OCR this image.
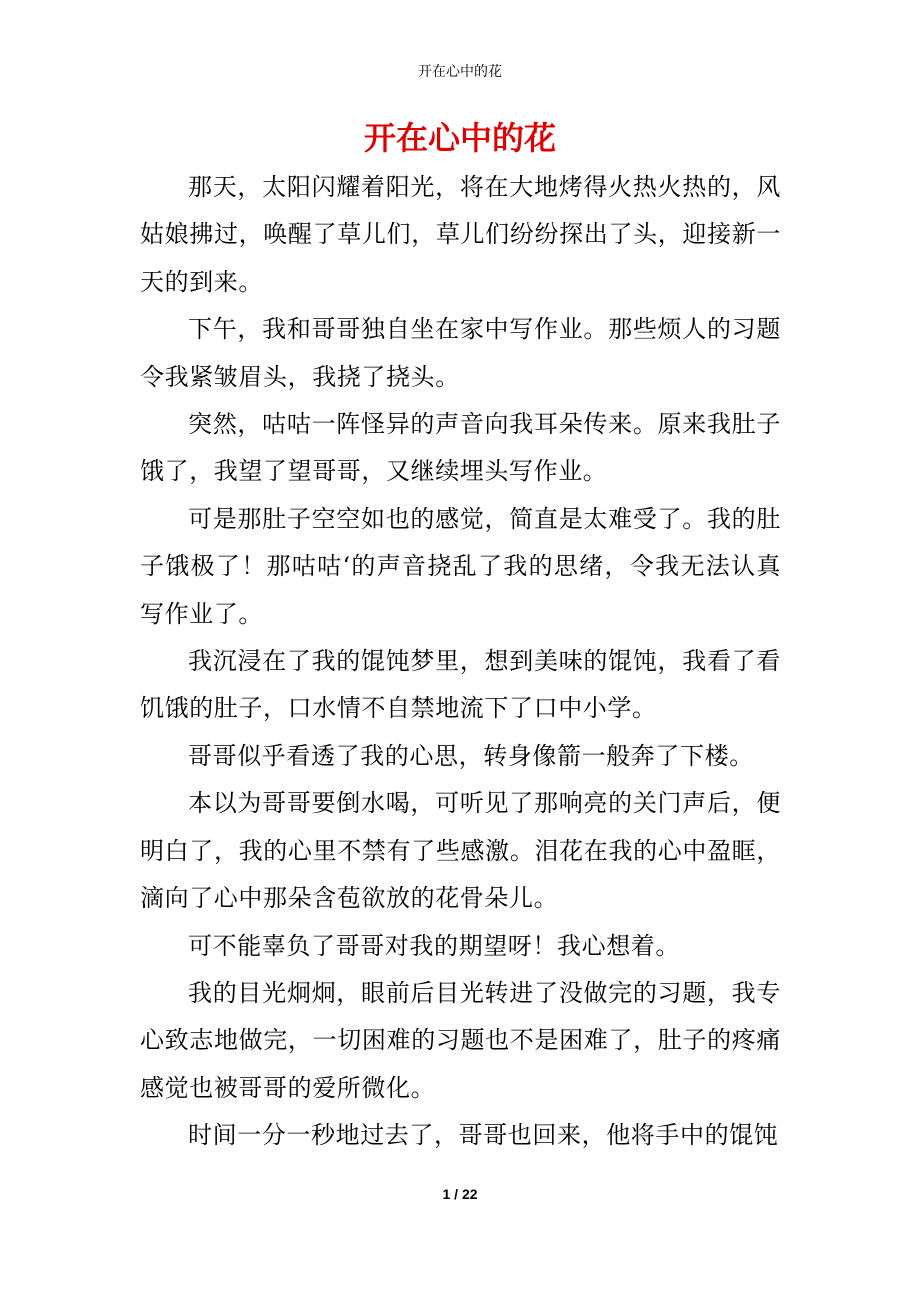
开在心中的花
开在心中的花

那天，太阳闪耀着阳光，将在大地烤得火热火热的，风姑娘拂过，唤醒了草儿们，草儿们纷纷探出了头，迎接新一天的到来。

下午，我和哥哥独自坐在家中写作业。那些烦人的习题令我紧皱眉头，我挠了挠头。

突然，咕咕一阵怪异的声音向我耳朵传来。原来我肚子饿了，我望了望哥哥，又继续埋头写作业。

可是那肚子空空如也的感觉，简直是太难受了。我的肚子饿极了！那咕咕‘的声音挠乱了我的思绪，令我无法认真写作业了。

我沉浸在了我的馄饨梦里，想到美味的馄饨，我看了看饥饿的肚子，口水情不自禁地流下了口中小学。

哥哥似乎看透了我的心思，转身像箭一般奔了下楼。

本以为哥哥要倒水喝，可听见了那响亮的关门声后，便明白了，我的心里不禁有了些感激。泪花在我的心中盈眶，滴向了心中那朵含苞欲放的花骨朵儿。

可不能辜负了哥哥对我的期望呀！我心想着。

我的目光炯炯，眼前后目光转进了没做完的习题，我专心致志地做完，一切困难的习题也不是困难了，肚子的疼痛感觉也被哥哥的爱所微化。

时间一分一秒地过去了，哥哥也回来，他将手中的馄饨

1 / 22
